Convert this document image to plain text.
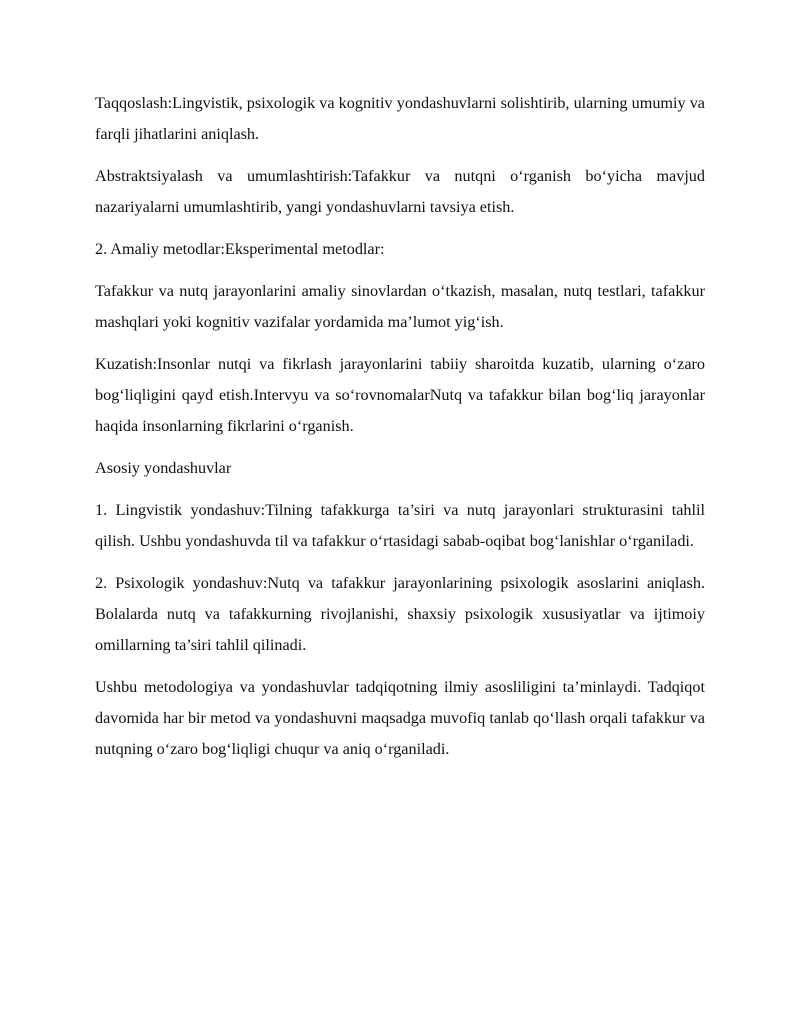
Taqqoslash:Lingvistik, psixologik va kognitiv yondashuvlarni solishtirib, ularning umumiy va farqli jihatlarini aniqlash.

Abstraktsiyalash va umumlashtirish:Tafakkur va nutqni o‘rganish bo‘yicha mavjud nazariyalarni umumlashtirib, yangi yondashuvlarni tavsiya etish.

2. Amaliy metodlar:Eksperimental metodlar:

Tafakkur va nutq jarayonlarini amaliy sinovlardan o‘tkazish, masalan, nutq testlari, tafakkur mashqlari yoki kognitiv vazifalar yordamida ma’lumot yig‘ish.

Kuzatish:Insonlar nutqi va fikrlash jarayonlarini tabiiy sharoitda kuzatib, ularning o‘zaro bog‘liqligini qayd etish.Intervyu va so‘rovnomalarNutq va tafakkur bilan bog‘liq jarayonlar haqida insonlarning fikrlarini o‘rganish.

Asosiy yondashuvlar

1. Lingvistik yondashuv:Tilning tafakkurga ta’siri va nutq jarayonlari strukturasini tahlil qilish. Ushbu yondashuvda til va tafakkur o‘rtasidagi sabab-oqibat bog‘lanishlar o‘rganiladi.

2. Psixologik yondashuv:Nutq va tafakkur jarayonlarining psixologik asoslarini aniqlash. Bolalarda nutq va tafakkurning rivojlanishi, shaxsiy psixologik xususiyatlar va ijtimoiy omillarning ta’siri tahlil qilinadi.

Ushbu metodologiya va yondashuvlar tadqiqotning ilmiy asosliligini ta’minlaydi. Tadqiqot davomida har bir metod va yondashuvni maqsadga muvofiq tanlab qo‘llash orqali tafakkur va nutqning o‘zaro bog‘liqligi chuqur va aniq o‘rganiladi.
